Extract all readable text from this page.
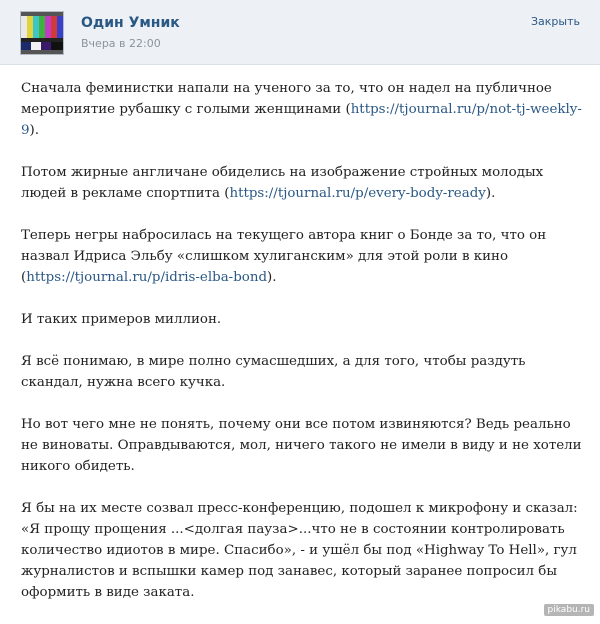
Один Умник
Вчера в 22:00
Закрыть

Сначала феминистки напали на ученого за то, что он надел на публичное мероприятие рубашку с голыми женщинами (https://tjournal.ru/p/not-tj-weekly-9).

Потом жирные англичане обиделись на изображение стройных молодых людей в рекламе спортпита (https://tjournal.ru/p/every-body-ready).

Теперь негры набросилась на текущего автора книг о Бонде за то, что он назвал Идриса Эльбу «слишком хулиганским» для этой роли в кино (https://tjournal.ru/p/idris-elba-bond).

И таких примеров миллион.

Я всё понимаю, в мире полно сумасшедших, а для того, чтобы раздуть скандал, нужна всего кучка.

Но вот чего мне не понять, почему они все потом извиняются? Ведь реально не виноваты. Оправдываются, мол, ничего такого не имели в виду и не хотели никого обидеть.

Я бы на их месте созвал пресс-конференцию, подошел к микрофону и сказал: «Я прощу прощения ...<долгая пауза>...что не в состоянии контролировать количество идиотов в мире. Спасибо», - и ушёл бы под «Highway To Hell», гул журналистов и вспышки камер под занавес, который заранее попросил бы оформить в виде заката.

pikabu.ru
